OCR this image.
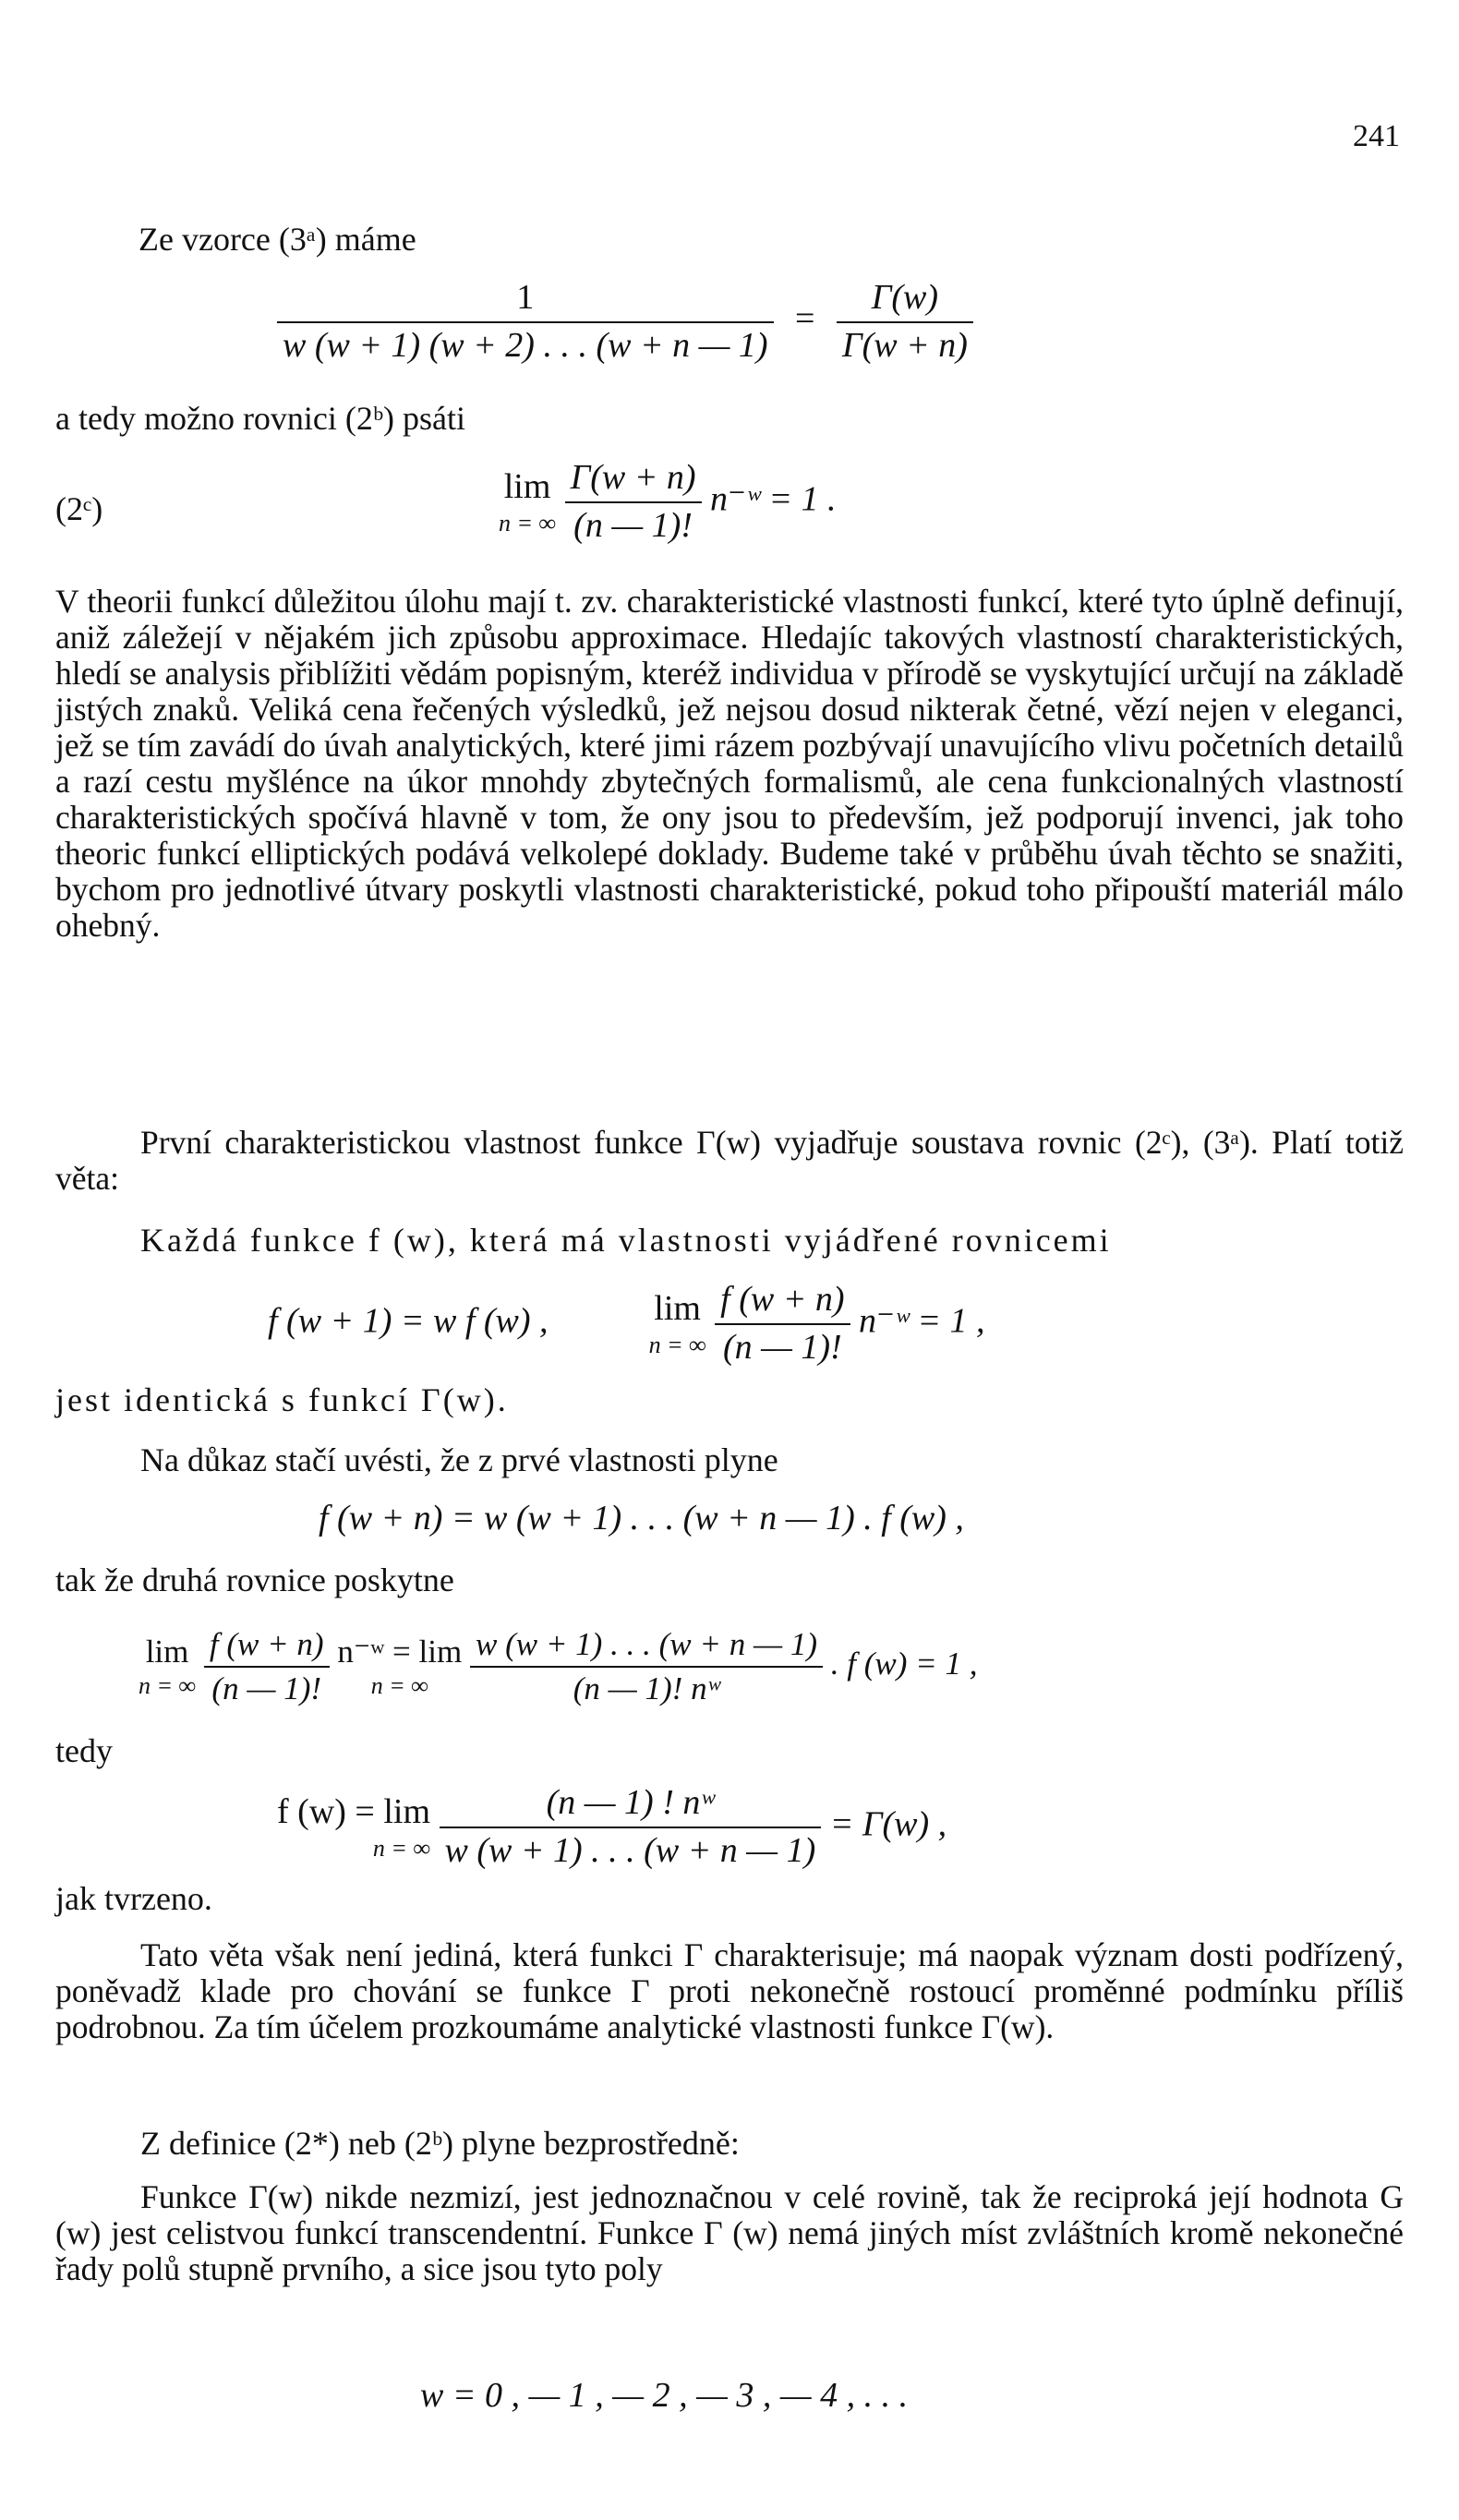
241
Ze vzorce (3ᵃ) máme
$\frac{1}{w (w + 1) (w + 2) . . . (w + n — 1)} = \frac{\Gamma(w)}{\Gamma(w + n)}$
a tedy možno rovnici (2ᵇ) psáti
(2ᶜ)
lim
n = ∞
$\frac{\Gamma(w + n)}{(n — 1)!}$ n⁻ʷ = 1 .
V theorii funkcí důležitou úlohu mají t. zv. charakteristické vlastnosti funkcí, které tyto úplně definují, aniž záležejí v nějakém jich způsobu approximace. Hledajíc takových vlastností charakteristických, hledí se analysis přiblížiti vědám popisným, kteréž individua v přírodě se vyskytující určují na základě jistých znaků. Veliká cena řečených výsledků, jež nejsou dosud nikterak četné, vězí nejen v eleganci, jež se tím zavádí do úvah analytických, které jimi rázem pozbývají unavujícího vlivu početních detailů a razí cestu myšlénce na úkor mnohdy zbytečných formalismů, ale cena funkcionalných vlastností charakteristických spočívá hlavně v tom, že ony jsou to především, jež podporují invenci, jak toho theoric funkcí elliptických podává velkolepé doklady. Budeme také v průběhu úvah těchto se snažiti, bychom pro jednotlivé útvary poskytli vlastnosti charakteristické, pokud toho připouští materiál málo ohebný.
První charakteristickou vlastnost funkce Γ(w) vyjadřuje soustava rovnic (2ᶜ), (3ᵃ). Platí totiž věta:
Každá funkce f (w), která má vlastnosti vyjádřené rovnicemi
f (w + 1) = w f (w) ,	lim
n = ∞
$\frac{f (w + n)}{(n — 1)!}$ n⁻ʷ = 1 ,
jest identická s funkcí Γ(w).
Na důkaz stačí uvésti, že z prvé vlastnosti plyne
f (w + n) = w (w + 1) . . . (w + n — 1) . f (w) ,
tak že druhá rovnice poskytne
lim
n = ∞
$\frac{f (w + n)}{(n — 1)!}$
n⁻ʷ = lim
n = ∞
	$\frac{w (w + 1) . . . (w + n — 1)}{\text{(n — 1)! nʷ}}$ . f (w) = 1 ,
tedy
f (w) = lim
n = ∞
$\frac{\text{(n — 1) ! nʷ}}{w (w + 1) . . . (w + n — 1)} = \Gamma(w)$ ,
jak tvrzeno.
Tato věta však není jediná, která funkci Γ charakterisuje; má naopak význam dosti podřízený, poněvadž klade pro chování se funkce Γ proti nekonečně rostoucí proměnné podmínku příliš podrobnou. Za tím účelem prozkoumáme analytické vlastnosti funkce Γ(w).
Z definice (2*) neb (2ᵇ) plyne bezprostředně:
Funkce Γ(w) nikde nezmizí, jest jednoznačnou v celé rovině, tak že reciproká její hodnota G (w) jest celistvou funkcí transcendentní. Funkce Γ (w) nemá jiných míst zvláštních kromě nekonečné řady polů stupně prvního, a sice jsou tyto poly
w = 0 , — 1 , — 2 , — 3 , — 4 , . . .
